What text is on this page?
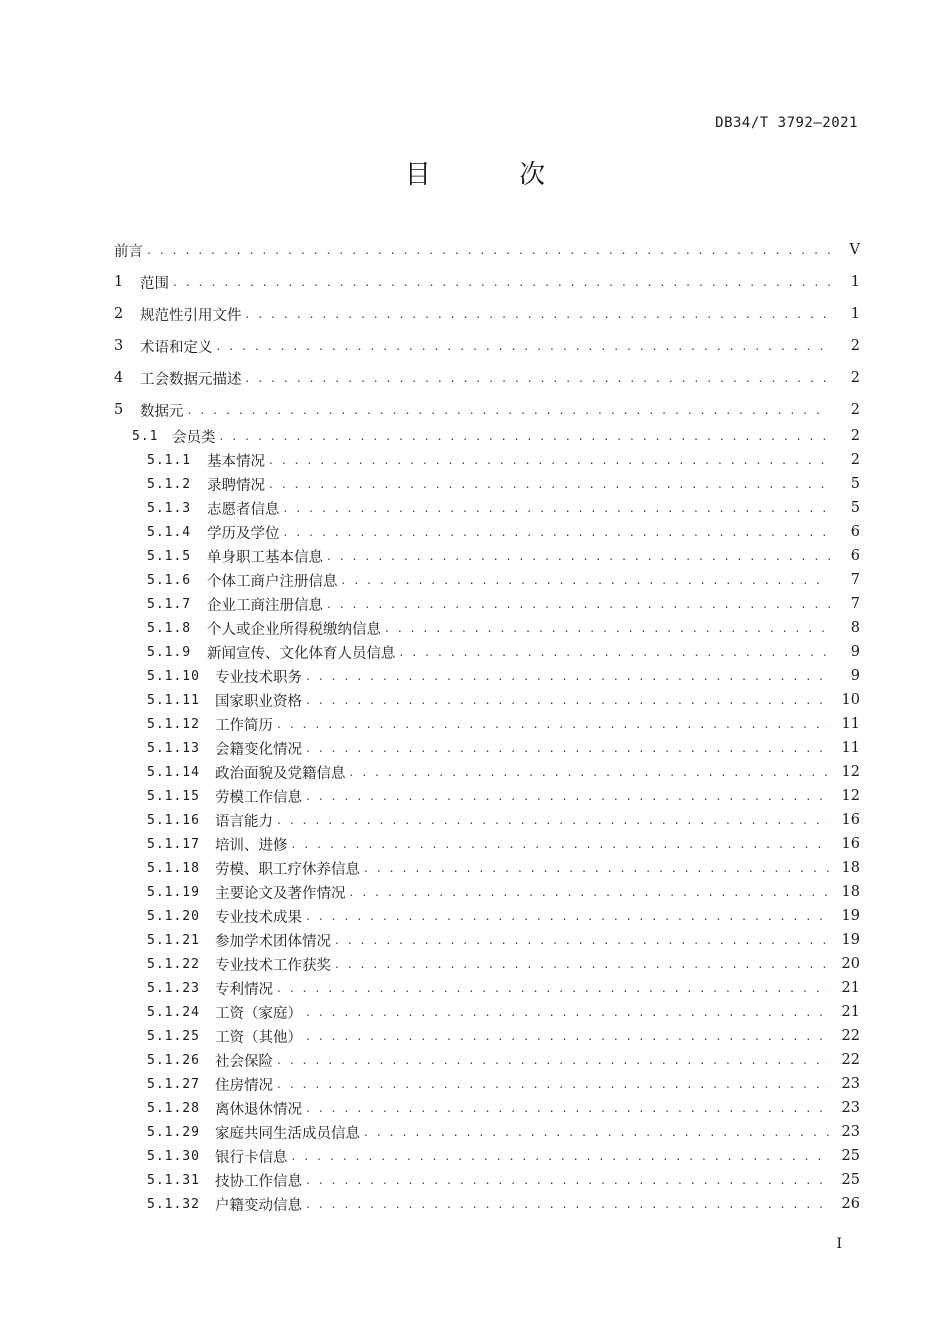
DB34/T 3792—2021
目 次
前言 . . .	V
1	范围 . . .	1
2	规范性引用文件 . . .	1
3	术语和定义 . . .	2
4	工会数据元描述 . . .	2
5	数据元 . . .	2
5.1 会员类 . . .	2
5.1.1	基本情况 . . .	2
5.1.2	录聘情况 . . .	5
5.1.3	志愿者信息 . . .	5
5.1.4	学历及学位 . . .	6
5.1.5	单身职工基本信息 . . .	6
5.1.6	个体工商户注册信息 . . .	7
5.1.7	企业工商注册信息 . . .	7
5.1.8	个人或企业所得税缴纳信息 . . .	8
5.1.9	新闻宣传、文化体育人员信息 . . .	9
5.1.10	专业技术职务 . . .	9
5.1.11	国家职业资格 . . .	10
5.1.12	工作简历 . . .	11
5.1.13	会籍变化情况 . . .	11
5.1.14	政治面貌及党籍信息 . . .	12
5.1.15	劳模工作信息 . . .	12
5.1.16	语言能力 . . .	16
5.1.17	培训、进修 . . .	16
5.1.18	劳模、职工疗休养信息 . . .	18
5.1.19	主要论文及著作情况 . . .	18
5.1.20	专业技术成果 . . .	19
5.1.21	参加学术团体情况 . . .	19
5.1.22	专业技术工作获奖 . . .	20
5.1.23	专利情况 . . .	21
5.1.24	工资（家庭） . . .	21
5.1.25	工资（其他） . . .	22
5.1.26	社会保险 . . .	22
5.1.27	住房情况 . . .	23
5.1.28	离休退休情况 . . .	23
5.1.29	家庭共同生活成员信息 . . .	23
5.1.30	银行卡信息 . . .	25
5.1.31	技协工作信息 . . .	25
5.1.32	户籍变动信息 . . .	26
I
